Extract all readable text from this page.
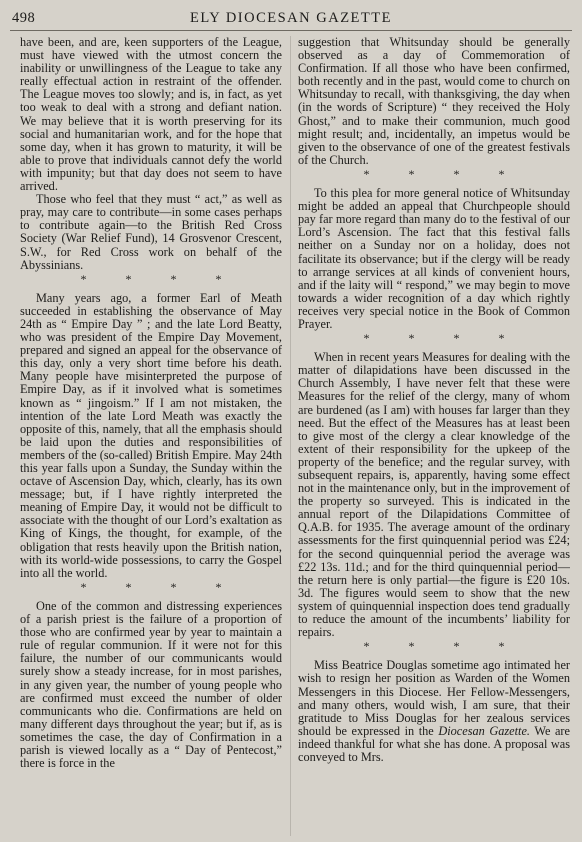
498	ELY DIOCESAN GAZETTE

have been, and are, keen supporters of the League, must have viewed with the utmost concern the inability or unwillingness of the League to take any really effectual action in restraint of the offender. The League moves too slowly; and is, in fact, as yet too weak to deal with a strong and defiant nation. We may believe that it is worth preserving for its social and humanitarian work, and for the hope that some day, when it has grown to maturity, it will be able to prove that individuals cannot defy the world with impunity; but that day does not seem to have arrived.

Those who feel that they must “ act,” as well as pray, may care to contribute—in some cases perhaps to contribute again—to the British Red Cross Society (War Relief Fund), 14 Grosvenor Crescent, S.W., for Red Cross work on behalf of the Abyssinians.

* * * *

Many years ago, a former Earl of Meath succeeded in establishing the observance of May 24th as “ Empire Day ” ; and the late Lord Beatty, who was president of the Empire Day Movement, prepared and signed an appeal for the observance of this day, only a very short time before his death. Many people have misinterpreted the purpose of Empire Day, as if it involved what is sometimes known as “ jingoism.” If I am not mistaken, the intention of the late Lord Meath was exactly the opposite of this, namely, that all the emphasis should be laid upon the duties and responsibilities of members of the (so-called) British Empire. May 24th this year falls upon a Sunday, the Sunday within the octave of Ascension Day, which, clearly, has its own message; but, if I have rightly interpreted the meaning of Empire Day, it would not be difficult to associate with the thought of our Lord’s exaltation as King of Kings, the thought, for example, of the obligation that rests heavily upon the British nation, with its world-wide possessions, to carry the Gospel into all the world.

* * * *

One of the common and distressing experiences of a parish priest is the failure of a proportion of those who are confirmed year by year to maintain a rule of regular communion. If it were not for this failure, the number of our communicants would surely show a steady increase, for in most parishes, in any given year, the number of young people who are confirmed must exceed the number of older communicants who die. Confirmations are held on many different days throughout the year; but if, as is sometimes the case, the day of Confirmation in a parish is viewed locally as a “ Day of Pentecost,” there is force in the

suggestion that Whitsunday should be generally observed as a day of Commemoration of Confirmation. If all those who have been confirmed, both recently and in the past, would come to church on Whitsunday to recall, with thanksgiving, the day when (in the words of Scripture) “ they received the Holy Ghost,” and to make their communion, much good might result; and, incidentally, an impetus would be given to the observance of one of the greatest festivals of the Church.

* * * *

To this plea for more general notice of Whitsunday might be added an appeal that Churchpeople should pay far more regard than many do to the festival of our Lord’s Ascension. The fact that this festival falls neither on a Sunday nor on a holiday, does not facilitate its observance; but if the clergy will be ready to arrange services at all kinds of convenient hours, and if the laity will “ respond,” we may begin to move towards a wider recognition of a day which rightly receives very special notice in the Book of Common Prayer.

* * * *

When in recent years Measures for dealing with the matter of dilapidations have been discussed in the Church Assembly, I have never felt that these were Measures for the relief of the clergy, many of whom are burdened (as I am) with houses far larger than they need. But the effect of the Measures has at least been to give most of the clergy a clear knowledge of the extent of their responsibility for the upkeep of the property of the benefice; and the regular survey, with subsequent repairs, is, apparently, having some effect not in the maintenance only, but in the improvement of the property so surveyed. This is indicated in the annual report of the Dilapidations Committee of Q.A.B. for 1935. The average amount of the ordinary assessments for the first quinquennial period was £24; for the second quinquennial period the average was £22 13s. 11d.; and for the third quinquennial period— the return here is only partial—the figure is £20 10s. 3d. The figures would seem to show that the new system of quinquennial inspection does tend gradually to reduce the amount of the incumbents’ liability for repairs.

* * * *

Miss Beatrice Douglas sometime ago intimated her wish to resign her position as Warden of the Women Messengers in this Diocese. Her Fellow-Messengers, and many others, would wish, I am sure, that their gratitude to Miss Douglas for her zealous services should be expressed in the Diocesan Gazette. We are indeed thankful for what she has done. A proposal was conveyed to Mrs.
